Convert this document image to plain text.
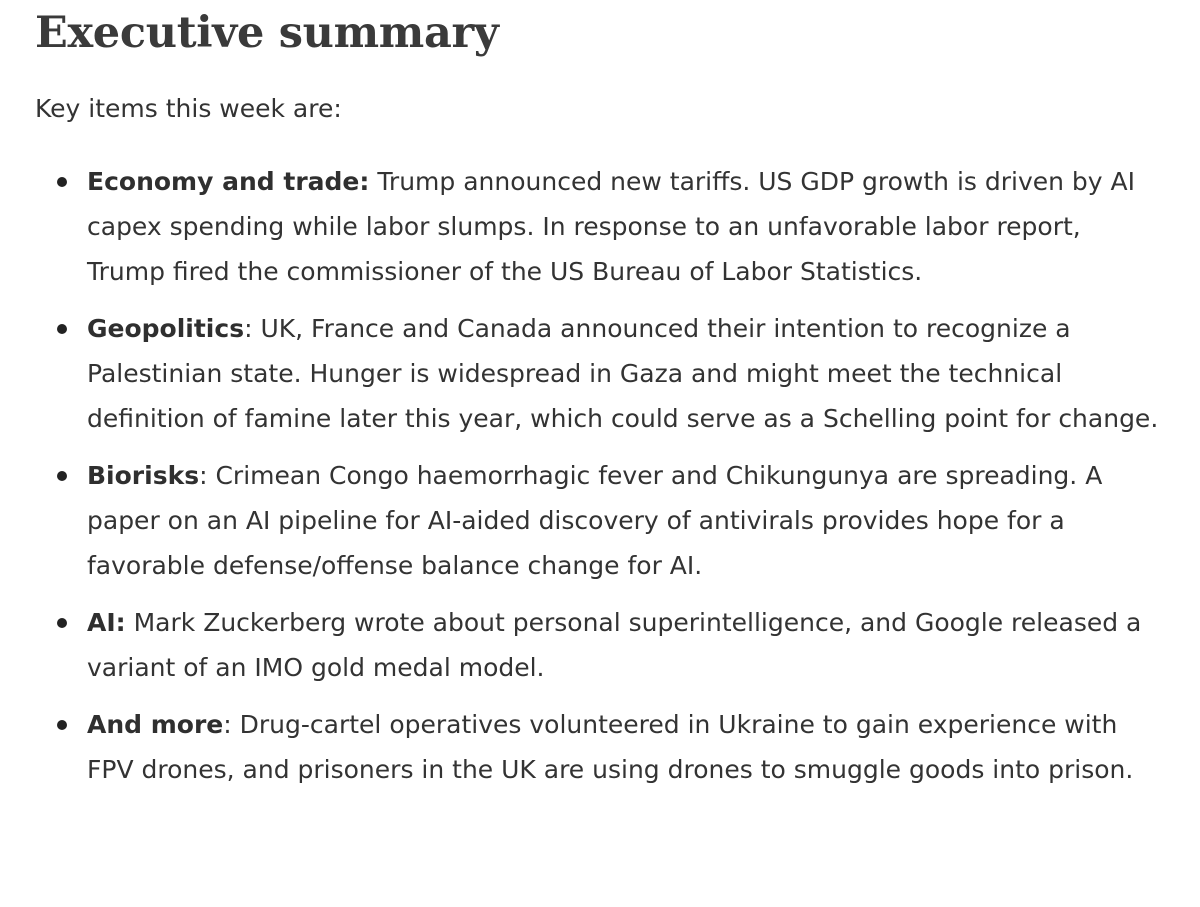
Executive summary

Key items this week are:

Economy and trade: Trump announced new tariffs. US GDP growth is driven by AI capex spending while labor slumps. In response to an unfavorable labor report, Trump fired the commissioner of the US Bureau of Labor Statistics.
Geopolitics: UK, France and Canada announced their intention to recognize a Palestinian state. Hunger is widespread in Gaza and might meet the technical definition of famine later this year, which could serve as a Schelling point for change.
Biorisks: Crimean Congo haemorrhagic fever and Chikungunya are spreading. A paper on an AI pipeline for AI-aided discovery of antivirals provides hope for a favorable defense/offense balance change for AI.
AI: Mark Zuckerberg wrote about personal superintelligence, and Google released a variant of an IMO gold medal model.
And more: Drug-cartel operatives volunteered in Ukraine to gain experience with FPV drones, and prisoners in the UK are using drones to smuggle goods into prison.
